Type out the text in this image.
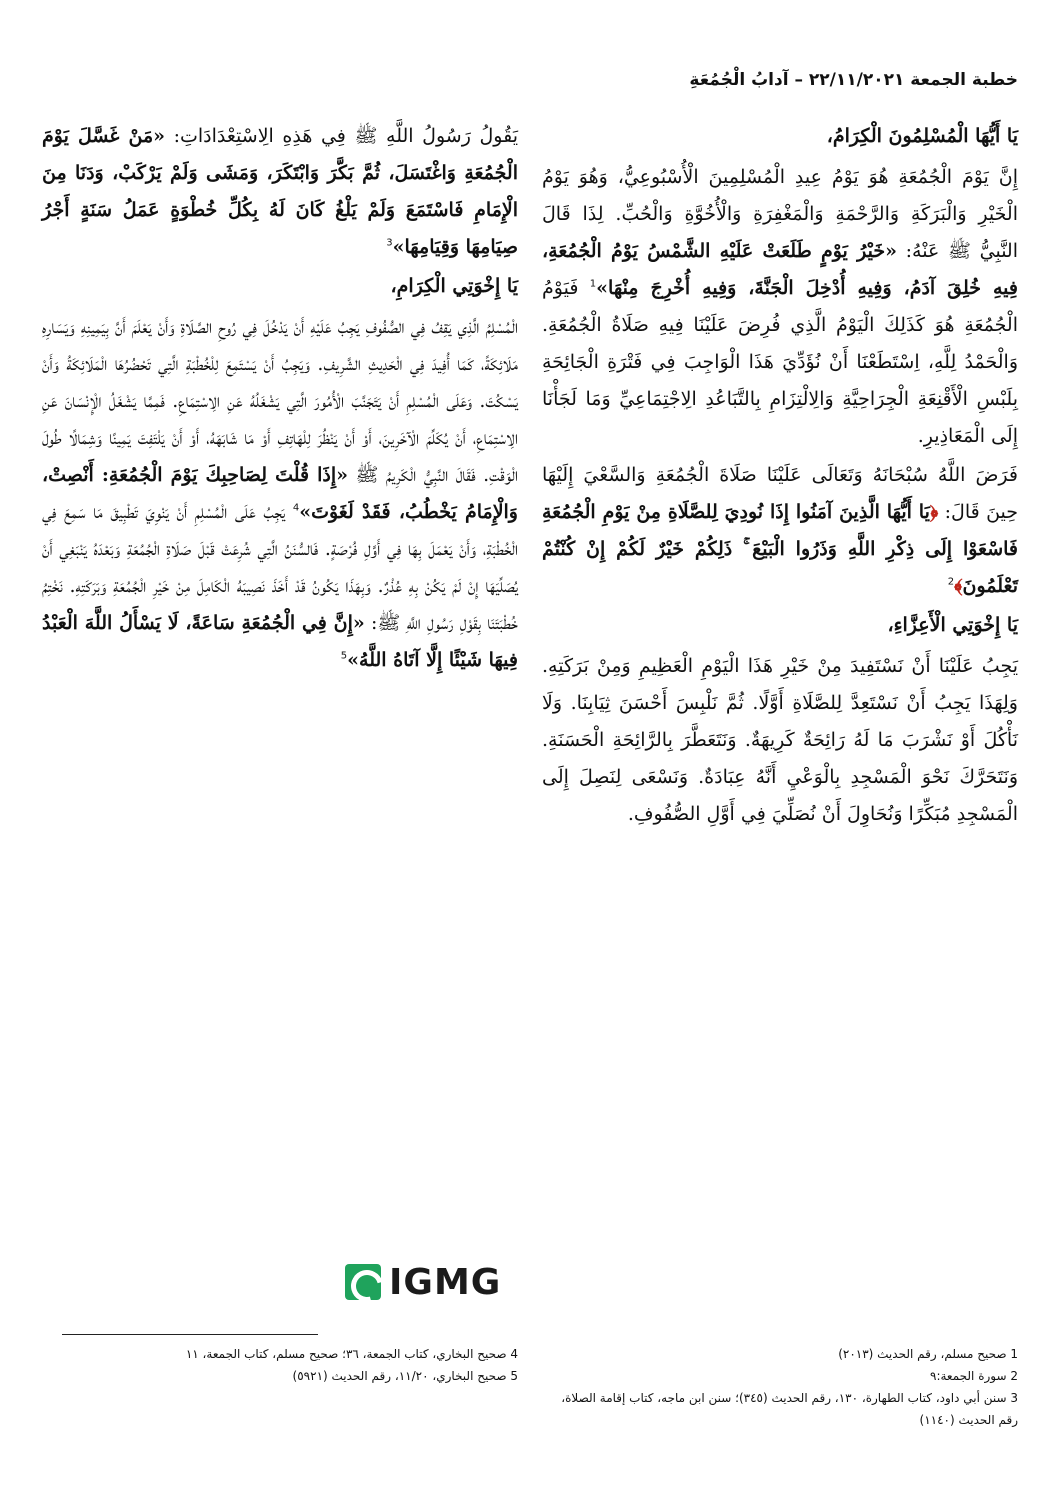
خطبة الجمعة ٢٢/١١/٢٠٢١ – آدابُ الْجُمُعَةِ
يَا أَيُّهَا الْمُسْلِمُونَ الْكِرَامُ،

إِنَّ يَوْمَ الْجُمُعَةِ هُوَ يَوْمُ عِيدِ الْمُسْلِمِينَ الْأُسْبُوعِيُّ، وَهُوَ يَوْمُ الْخَيْرِ وَالْبَرَكَةِ وَالرَّحْمَةِ وَالْمَغْفِرَةِ وَالْأُخُوَّةِ وَالْحُبِّ. لِذَا قَالَ النَّبِيُّ ﷺ عَنْهُ: «خَيْرُ يَوْمٍ طَلَعَتْ عَلَيْهِ الشَّمْسُ يَوْمُ الْجُمُعَةِ، فِيهِ خُلِقَ آدَمُ، وَفِيهِ أُدْخِلَ الْجَنَّةَ، وَفِيهِ أُخْرِجَ مِنْهَا»$^1$ فَيَوْمُ الْجُمُعَةِ هُوَ كَذَلِكَ الْيَوْمُ الَّذِي فُرِضَ عَلَيْنَا فِيهِ صَلَاةُ الْجُمُعَةِ. وَالْحَمْدُ لِلَّهِ، اِسْتَطَعْنَا أَنْ نُؤَدِّيَ هَذَا الْوَاجِبَ فِي فَتْرَةِ الْجَائِحَةِ بِلَبْسِ الْأَقْنِعَةِ الْجِرَاحِيَّةِ وَالِالْتِزَامِ بِالتَّبَاعُدِ الِاجْتِمَاعِيِّ وَمَا لَجَأْنَا إِلَى الْمَعَاذِيرِ.

فَرَضَ اللَّهُ سُبْحَانَهُ وَتَعَالَى عَلَيْنَا صَلَاةَ الْجُمُعَةِ وَالسَّعْيَ إِلَيْهَا حِينَ قَالَ: ﴿يَا أَيُّهَا الَّذِينَ آمَنُوا إِذَا نُودِيَ لِلصَّلَاةِ مِنْ يَوْمِ الْجُمُعَةِ فَاسْعَوْا إِلَى ذِكْرِ اللَّهِ وَذَرُوا الْبَيْعَ ۚ ذَلِكُمْ خَيْرٌ لَكُمْ إِنْ كُنْتُمْ تَعْلَمُونَ﴾$^2$

يَا إِخْوَتِي الْأَعِزَّاءِ،

يَجِبُ عَلَيْنَا أَنْ نَسْتَفِيدَ مِنْ خَيْرِ هَذَا الْيَوْمِ الْعَظِيمِ وَمِنْ بَرَكَتِهِ. وَلِهَذَا يَجِبُ أَنْ نَسْتَعِدَّ لِلصَّلَاةِ أَوَّلًا. ثُمَّ نَلْبِسَ أَحْسَنَ ثِيَابِنَا. وَلَا نَأْكُلَ أَوْ نَشْرَبَ مَا لَهُ رَائِحَةٌ كَرِيهَةٌ. وَنَتَعَطَّرَ بِالرَّائِحَةِ الْحَسَنَةِ. وَنَتَحَرَّكَ نَحْوَ الْمَسْجِدِ بِالْوَعْيِ أَنَّهُ عِبَادَةٌ. وَنَسْعَى لِنَصِلَ إِلَى الْمَسْجِدِ مُبَكِّرًا وَنُحَاوِلَ أَنْ نُصَلِّيَ فِي أَوَّلِ الصُّفُوفِ.

يَقُولُ رَسُولُ اللَّهِ ﷺ فِي هَذِهِ الِاسْتِعْدَادَاتِ: «مَنْ غَسَّلَ يَوْمَ الْجُمُعَةِ وَاغْتَسَلَ، ثُمَّ بَكَّرَ وَابْتَكَرَ، وَمَشَى وَلَمْ يَرْكَبْ، وَدَنَا مِنَ الْإِمَامِ فَاسْتَمَعَ وَلَمْ يَلْغُ كَانَ لَهُ بِكُلِّ خُطْوَةٍ عَمَلُ سَنَةٍ أَجْرُ صِيَامِهَا وَقِيَامِهَا»$^3$

يَا إِخْوَتِي الْكِرَامِ،

الْمُسْلِمُ الَّذِي يَقِفُ فِي الصُّفُوفِ يَجِبُ عَلَيْهِ أَنْ يَدْخُلَ فِي رُوحِ الصَّلَاةِ وَأَنْ يَعْلَمَ أَنَّ بِيَمِينِهِ وَيَسَارِهِ مَلَائِكَةً، كَمَا أُفِيدَ فِي الْحَدِيثِ الشَّرِيفِ. وَيَجِبُ أَنْ يَسْتَمِعَ لِلْخُطْبَةِ الَّتِي تَحْضُرُهَا الْمَلَائِكَةُ وَأَنْ يَسْكُتَ. وَعَلَى الْمُسْلِمِ أَنْ يَتَجَنَّبَ الْأُمُورَ الَّتِي يَشْغَلُهُ عَنِ الِاسْتِمَاعِ. فَمِمَّا يَشْغَلُ الْإِنْسَانَ عَنِ الِاسْتِمَاعِ، أَنْ يُكَلِّمَ الْآخَرِينَ، أَوْ أَنْ يَنْظُرَ لِلْهَاتِفِ أَوْ مَا شَابَهَهُ، أَوْ أَنْ يَلْتَفِتَ يَمِينًا وَشِمَالًا طُولَ الْوَقْتِ. فَقَالَ النَّبِيُّ الْكَرِيمُ ﷺ «إِذَا قُلْتَ لِصَاحِبِكَ يَوْمَ الْجُمُعَةِ: أَنْصِتْ، وَالْإِمَامُ يَخْطُبُ، فَقَدْ لَغَوْتَ»$^4$ يَجِبُ عَلَى الْمُسْلِمِ أَنْ يَنْوِيَ تَطْبِيقَ مَا سَمِعَ فِي الْخُطْبَةِ، وَأَنْ يَعْمَلَ بِهَا فِي أَوَّلِ فُرْصَةٍ. فَالسُّنَنُ الَّتِي شُرِعَتْ قَبْلَ صَلَاةِ الْجُمُعَةِ وَبَعْدَهُ يَنْبَغِي أَنْ يُصَلِّيَهَا إِنْ لَمْ يَكُنْ بِهِ عُذْرٌ. وَبِهَذَا يَكُونُ قَدْ أَخَذَ نَصِيبَهُ الْكَامِلَ مِنْ خَيْرِ الْجُمُعَةِ وَبَرَكَتِهِ. نَخْتِمُ خُطْبَتَنَا بِقَوْلِ رَسُولِ اللَّهِ ﷺ: «إِنَّ فِي الْجُمُعَةِ سَاعَةً، لَا يَسْأَلُ اللَّهَ الْعَبْدُ فِيهَا شَيْئًا إِلَّا آتَاهُ اللَّهُ»$^5$

IGMG
1 صحيح مسلم، رقم الحديث (٢٠١٣)
2 سورة الجمعة:٩
3 سنن أبي داود، كتاب الطهارة، ١٣٠، رقم الحديث (٣٤٥)؛ سنن ابن ماجه، كتاب إقامة الصلاة، رقم الحديث (١١٤٠)
4 صحيح البخاري، كتاب الجمعة، ٣٦؛ صحيح مسلم، كتاب الجمعة، ١١
5 صحيح البخاري، ١١/٢٠، رقم الحديث (٥٩٢١)
